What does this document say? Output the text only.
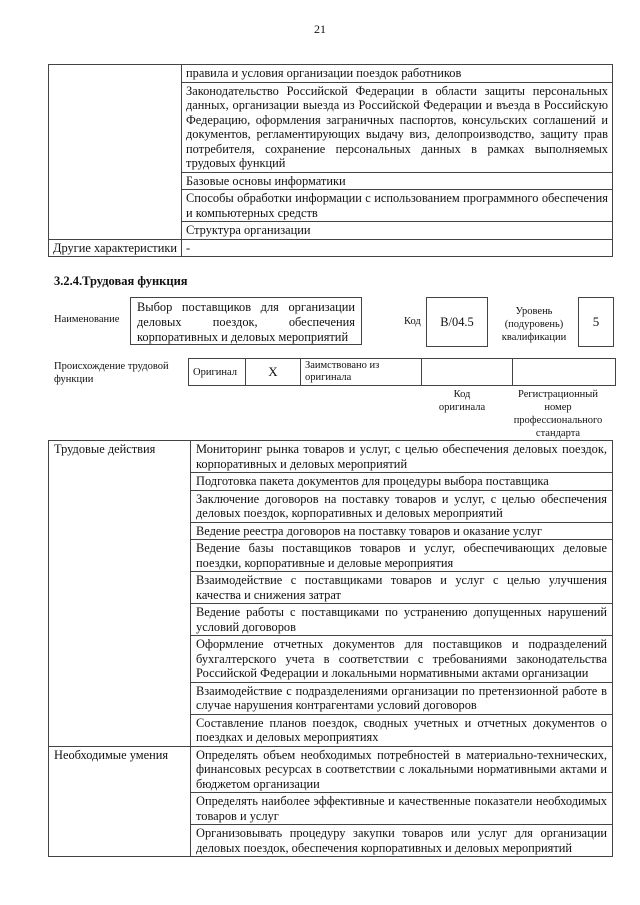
21
	правила и условия организации поездок работников
	Законодательство Российской Федерации в области защиты персональных данных, организации выезда из Российской Федерации и въезда в Российскую Федерацию, оформления заграничных паспортов, консульских соглашений и документов, регламентирующих выдачу виз, делопроизводство, защиту прав потребителя, сохранение персональных данных в рамках выполняемых трудовых функций
	Базовые основы информатики
	Способы обработки информации с использованием программного обеспечения и компьютерных средств
	Структура организации
Другие характеристики	-
3.2.4.Трудовая функция
Наименование
Выбор поставщиков для организации деловых поездок, обеспечения корпоративных и деловых мероприятий
Код	B/04.5
Уровень (подуровень) квалификации
5
Происхождение трудовой функции
Оригинал	X	Заимствовано из оригинала		
Код оригинала
Регистрационный номер профессионального стандарта
Трудовые действия	Мониторинг рынка товаров и услуг, с целью обеспечения деловых поездок, корпоративных и деловых мероприятий
	Подготовка пакета документов для процедуры выбора поставщика
	Заключение договоров на поставку товаров и услуг, с целью обеспечения деловых поездок, корпоративных и деловых мероприятий
	Ведение реестра договоров на поставку товаров и оказание услуг
	Ведение базы поставщиков товаров и услуг, обеспечивающих деловые поездки, корпоративные и деловые мероприятия
	Взаимодействие с поставщиками товаров и услуг с целью улучшения качества и снижения затрат
	Ведение работы с поставщиками по устранению допущенных нарушений условий договоров
	Оформление отчетных документов для поставщиков и подразделений бухгалтерского учета в соответствии с требованиями законодательства Российской Федерации и локальными нормативными актами организации
	Взаимодействие с подразделениями организации по претензионной работе в случае нарушения контрагентами условий договоров
	Составление планов поездок, сводных учетных и отчетных документов о поездках и деловых мероприятиях
Необходимые умения	Определять объем необходимых потребностей в материально-технических, финансовых ресурсах в соответствии с локальными нормативными актами и бюджетом организации
	Определять наиболее эффективные и качественные показатели необходимых товаров и услуг
	Организовывать процедуру закупки товаров или услуг для организации деловых поездок, обеспечения корпоративных и деловых мероприятий
